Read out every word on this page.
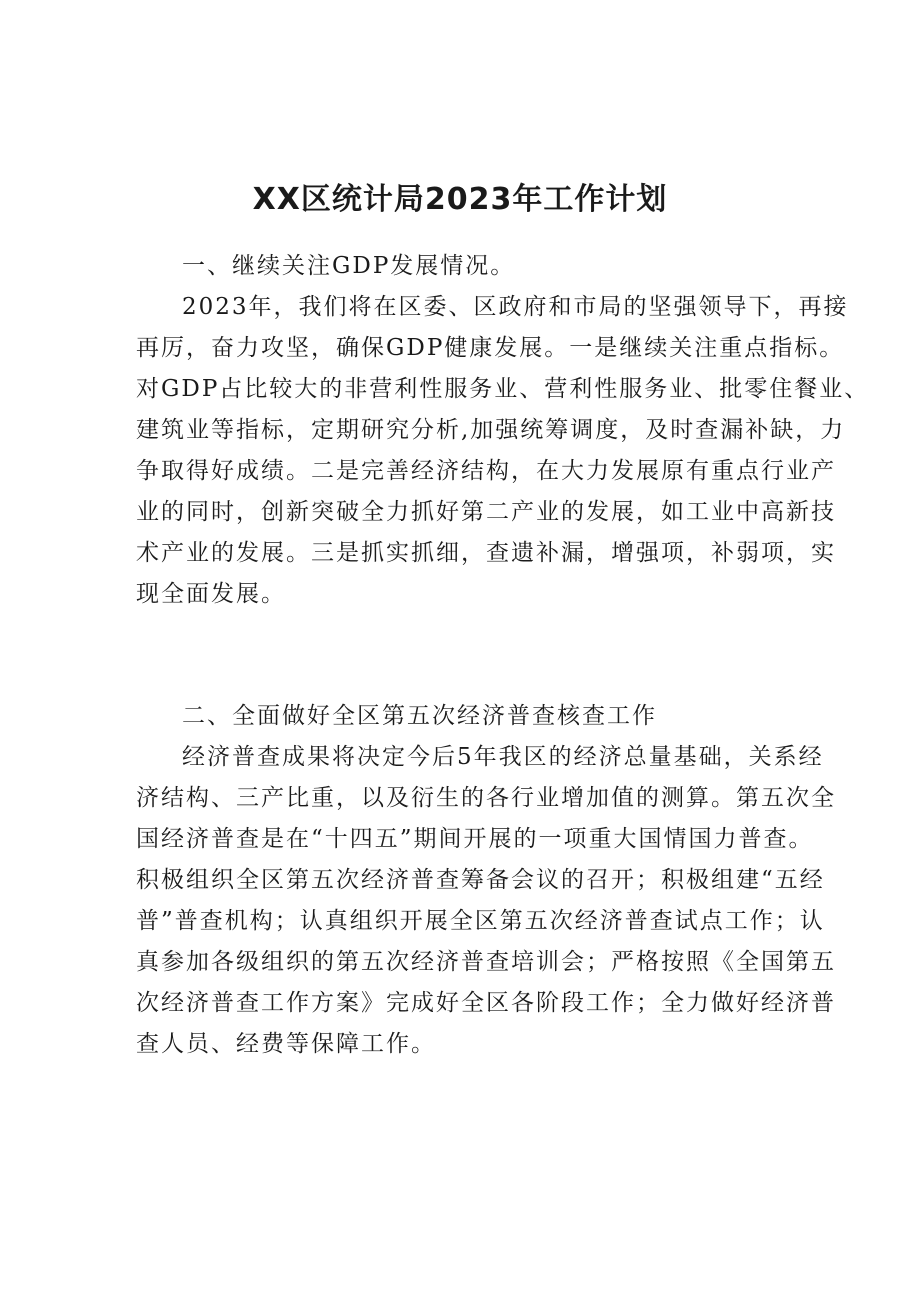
XX区统计局2023年工作计划
一、继续关注GDP发展情况。
2023年，我们将在区委、区政府和市局的坚强领导下，再接
再厉，奋力攻坚，确保GDP健康发展。一是继续关注重点指标。
对GDP占比较大的非营利性服务业、营利性服务业、批零住餐业、
建筑业等指标，定期研究分析,加强统筹调度，及时查漏补缺，力
争取得好成绩。二是完善经济结构，在大力发展原有重点行业产
业的同时，创新突破全力抓好第二产业的发展，如工业中高新技
术产业的发展。三是抓实抓细，查遗补漏，增强项，补弱项，实
现全面发展。
二、全面做好全区第五次经济普查核查工作
经济普查成果将决定今后5年我区的经济总量基础，关系经
济结构、三产比重，以及衍生的各行业增加值的测算。第五次全
国经济普查是在“十四五”期间开展的一项重大国情国力普查。
积极组织全区第五次经济普查筹备会议的召开；积极组建“五经
普”普查机构；认真组织开展全区第五次经济普查试点工作；认
真参加各级组织的第五次经济普查培训会；严格按照《全国第五
次经济普查工作方案》完成好全区各阶段工作；全力做好经济普
查人员、经费等保障工作。
